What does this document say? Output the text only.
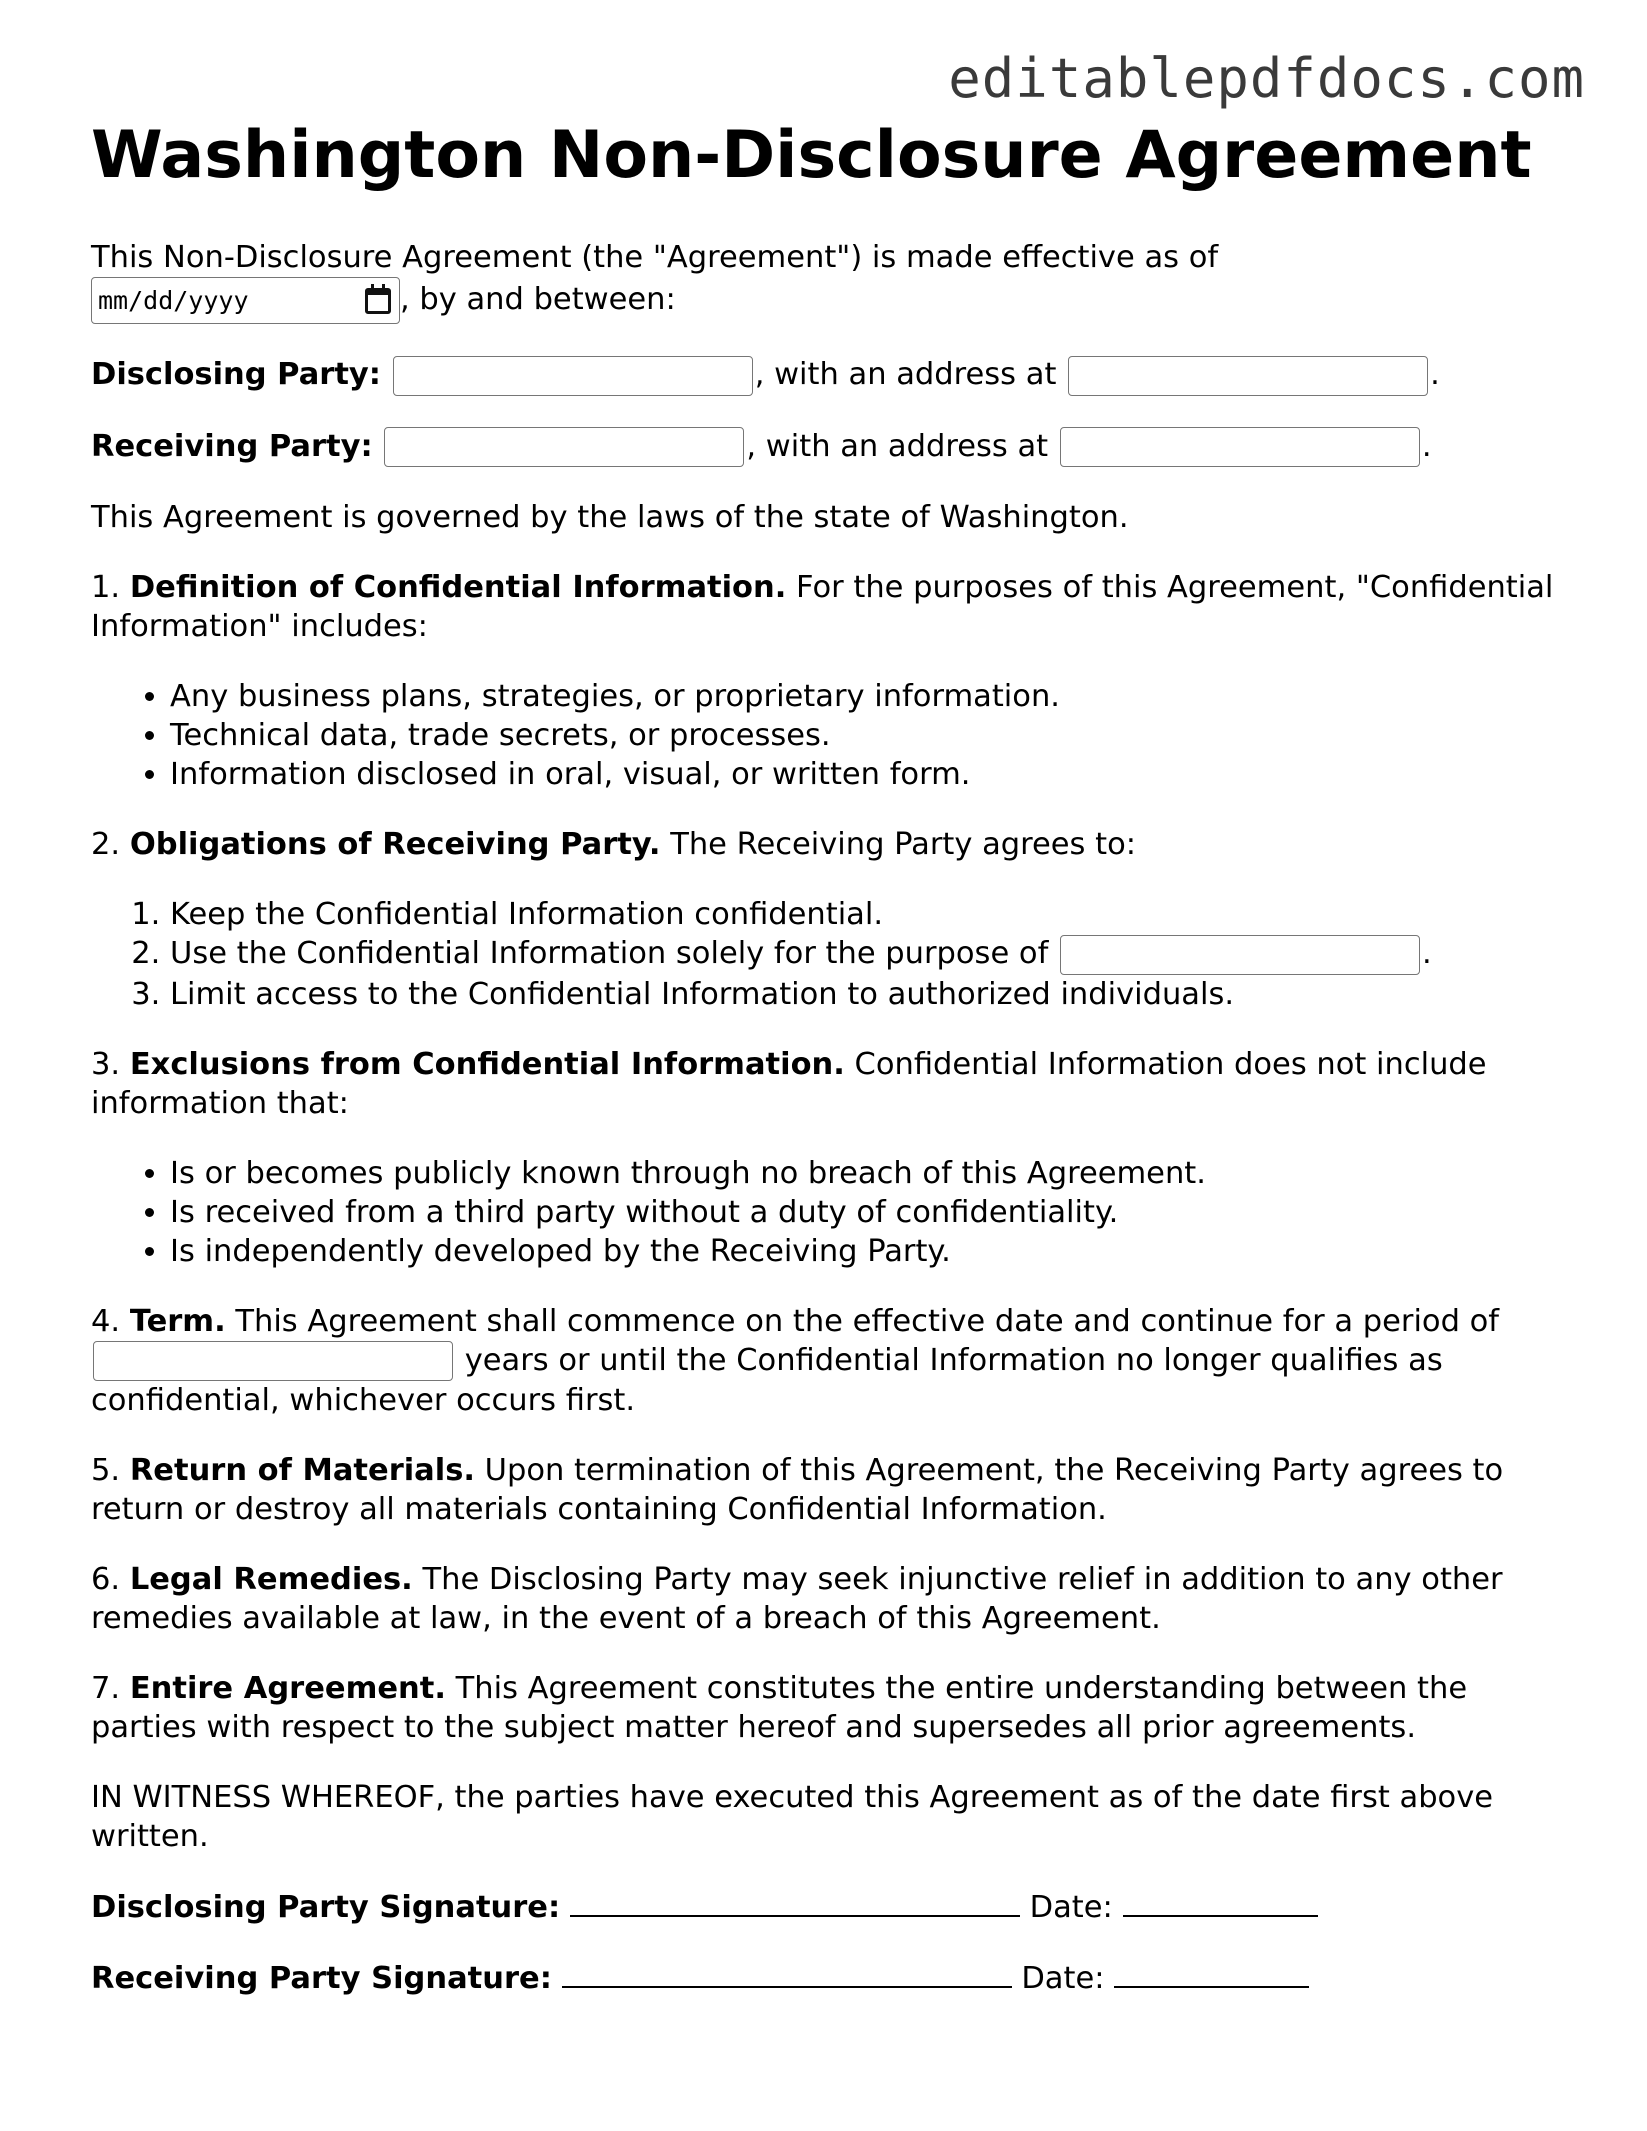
editablepdfdocs.com
Washington Non-Disclosure Agreement

This Non-Disclosure Agreement (the "Agreement") is made effective as of

mm/dd/yyyy	, by and between:

Disclosing Party:	, with an address at	.

Receiving Party:	, with an address at	.

This Agreement is governed by the laws of the state of Washington.

1. Definition of Confidential Information. For the purposes of this Agreement, "Confidential Information" includes:

• Any business plans, strategies, or proprietary information.
• Technical data, trade secrets, or processes.
• Information disclosed in oral, visual, or written form.

2. Obligations of Receiving Party. The Receiving Party agrees to:

1. Keep the Confidential Information confidential.
2. Use the Confidential Information solely for the purpose of	.
3. Limit access to the Confidential Information to authorized individuals.

3. Exclusions from Confidential Information. Confidential Information does not include information that:

• Is or becomes publicly known through no breach of this Agreement.
• Is received from a third party without a duty of confidentiality.
• Is independently developed by the Receiving Party.

4. Term. This Agreement shall commence on the effective date and continue for a period of  years or until the Confidential Information no longer qualifies as confidential, whichever occurs first.

5. Return of Materials. Upon termination of this Agreement, the Receiving Party agrees to return or destroy all materials containing Confidential Information.

6. Legal Remedies. The Disclosing Party may seek injunctive relief in addition to any other remedies available at law, in the event of a breach of this Agreement.

7. Entire Agreement. This Agreement constitutes the entire understanding between the parties with respect to the subject matter hereof and supersedes all prior agreements.

IN WITNESS WHEREOF, the parties have executed this Agreement as of the date first above written.

Disclosing Party Signature:	Date:

Receiving Party Signature:	Date:
